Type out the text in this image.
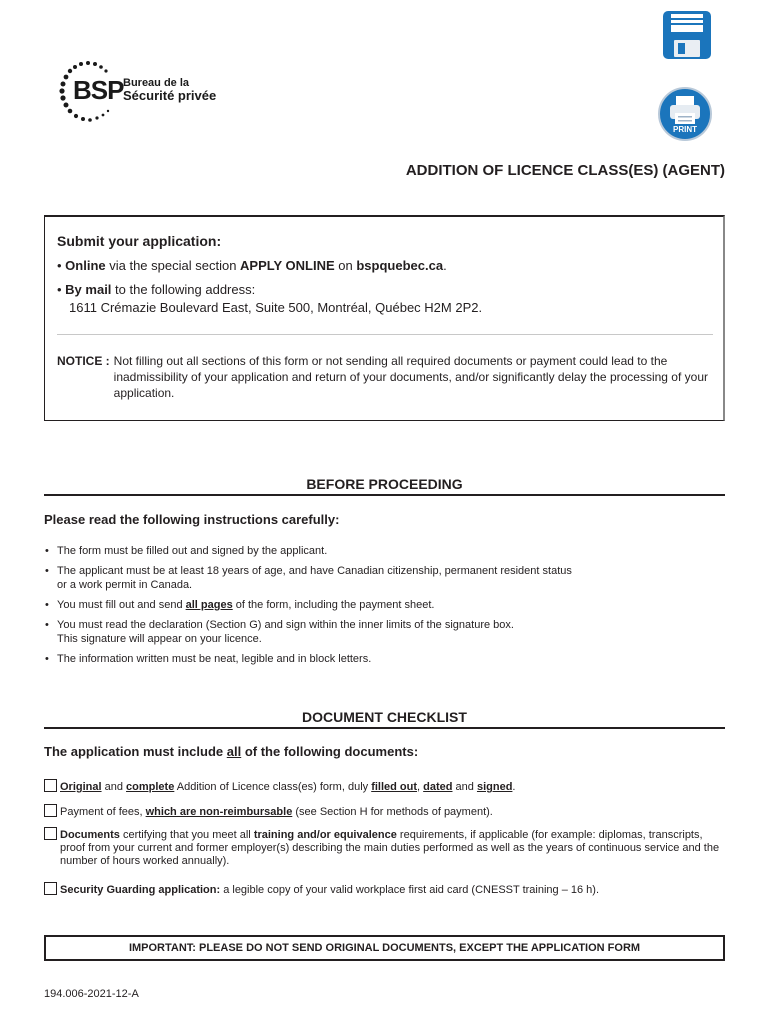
BSP Bureau de la
Sécurité privée
PRINT
ADDITION OF LICENCE CLASS(ES) (AGENT)
Submit your application:
• Online via the special section APPLY ONLINE on bspquebec.ca.
• By mail to the following address:
1611 Crémazie Boulevard East, Suite 500, Montréal, Québec H2M 2P2.
NOTICE : Not filling out all sections of this form or not sending all required documents or payment could lead to the inadmissibility of your application and return of your documents, and/or significantly delay the processing of your application.
BEFORE PROCEEDING
Please read the following instructions carefully:
• The form must be filled out and signed by the applicant.
• The applicant must be at least 18 years of age, and have Canadian citizenship, permanent resident status
or a work permit in Canada.
• You must fill out and send all pages of the form, including the payment sheet.
• You must read the declaration (Section G) and sign within the inner limits of the signature box.
This signature will appear on your licence.
• The information written must be neat, legible and in block letters.
DOCUMENT CHECKLIST
The application must include all of the following documents:
Original and complete Addition of Licence class(es) form, duly filled out, dated and signed.
Payment of fees, which are non-reimbursable (see Section H for methods of payment).
Documents certifying that you meet all training and/or equivalence requirements, if applicable (for example: diplomas, transcripts, proof from your current and former employer(s) describing the main duties performed as well as the years of continuous service and the number of hours worked annually).
Security Guarding application: a legible copy of your valid workplace first aid card (CNESST training – 16 h).
IMPORTANT: PLEASE DO NOT SEND ORIGINAL DOCUMENTS, EXCEPT THE APPLICATION FORM
194.006-2021-12-A
